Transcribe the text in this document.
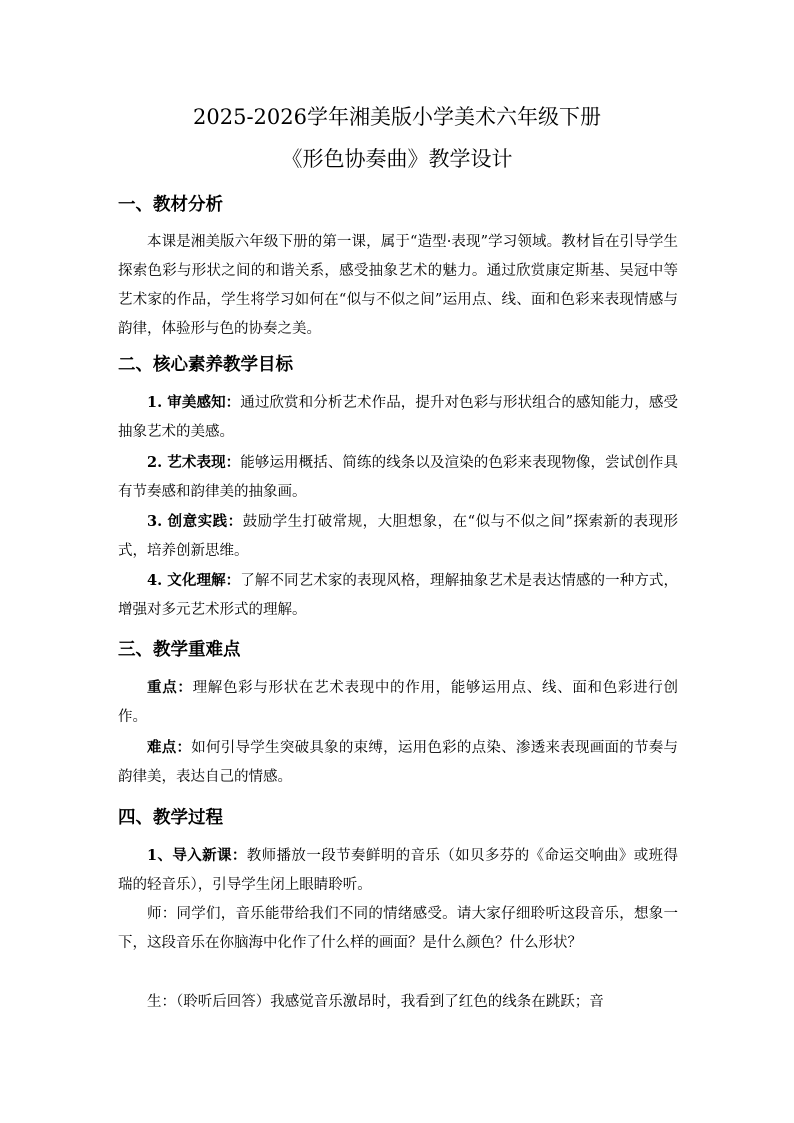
2025-2026学年湘美版小学美术六年级下册
《形色协奏曲》教学设计
一、教材分析

本课是湘美版六年级下册的第一课，属于“造型·表现”学习领域。教材旨在引导学生探索色彩与形状之间的和谐关系，感受抽象艺术的魅力。通过欣赏康定斯基、吴冠中等艺术家的作品，学生将学习如何在“似与不似之间”运用点、线、面和色彩来表现情感与韵律，体验形与色的协奏之美。

二、核心素养教学目标

1. 审美感知：通过欣赏和分析艺术作品，提升对色彩与形状组合的感知能力，感受抽象艺术的美感。

2. 艺术表现：能够运用概括、简练的线条以及渲染的色彩来表现物像，尝试创作具有节奏感和韵律美的抽象画。

3. 创意实践：鼓励学生打破常规，大胆想象，在“似与不似之间”探索新的表现形式，培养创新思维。

4. 文化理解：了解不同艺术家的表现风格，理解抽象艺术是表达情感的一种方式，增强对多元艺术形式的理解。

三、教学重难点

重点：理解色彩与形状在艺术表现中的作用，能够运用点、线、面和色彩进行创作。

难点：如何引导学生突破具象的束缚，运用色彩的点染、渗透来表现画面的节奏与韵律美，表达自己的情感。

四、教学过程

1、导入新课：教师播放一段节奏鲜明的音乐（如贝多芬的《命运交响曲》或班得瑞的轻音乐），引导学生闭上眼睛聆听。

师：同学们，音乐能带给我们不同的情绪感受。请大家仔细聆听这段音乐，想象一下，这段音乐在你脑海中化作了什么样的画面？是什么颜色？什么形状？

生：（聆听后回答）我感觉音乐激昂时，我看到了红色的线条在跳跃；音
